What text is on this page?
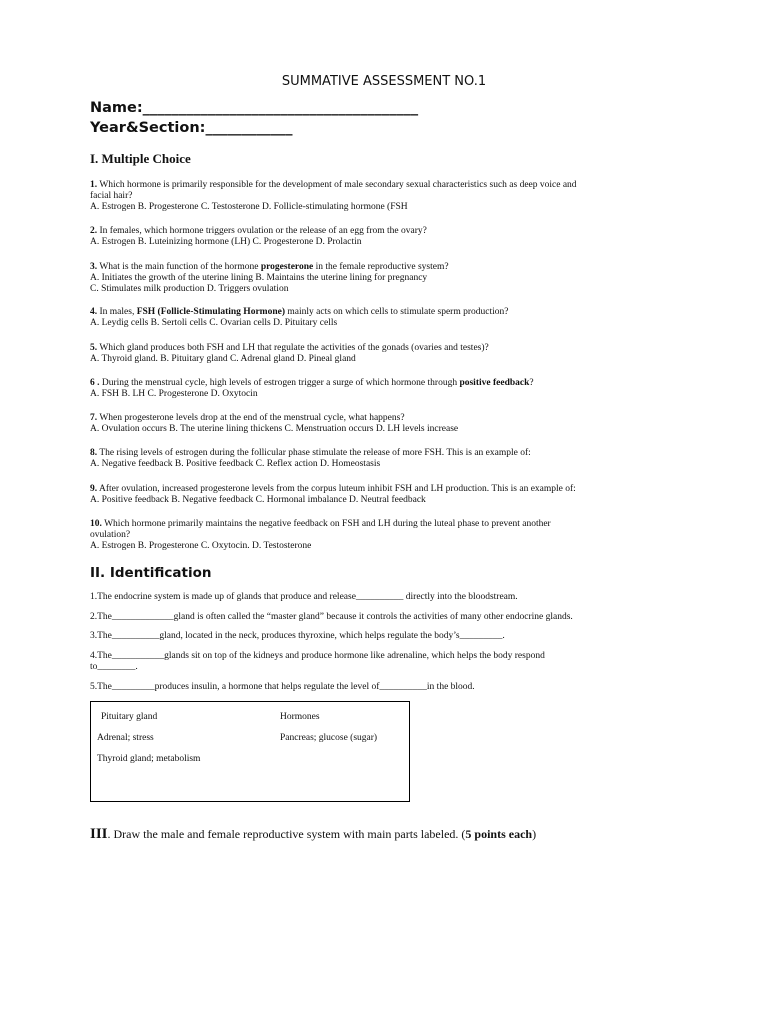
SUMMATIVE ASSESSMENT NO.1
Name:______________________________________
Year&Section:____________
I. Multiple Choice
1. Which hormone is primarily responsible for the development of male secondary sexual characteristics such as deep voice and
facial hair?
A. Estrogen B. Progesterone C. Testosterone D. Follicle-stimulating hormone (FSH
2. In females, which hormone triggers ovulation or the release of an egg from the ovary?
A. Estrogen B. Luteinizing hormone (LH) C. Progesterone D. Prolactin
3. What is the main function of the hormone progesterone in the female reproductive system?
A. Initiates the growth of the uterine lining B. Maintains the uterine lining for pregnancy
C. Stimulates milk production D. Triggers ovulation
4. In males, FSH (Follicle-Stimulating Hormone) mainly acts on which cells to stimulate sperm production?
A. Leydig cells B. Sertoli cells C. Ovarian cells D. Pituitary cells
5. Which gland produces both FSH and LH that regulate the activities of the gonads (ovaries and testes)?
A. Thyroid gland. B. Pituitary gland C. Adrenal gland D. Pineal gland
6 . During the menstrual cycle, high levels of estrogen trigger a surge of which hormone through positive feedback?
A. FSH B. LH C. Progesterone D. Oxytocin
7. When progesterone levels drop at the end of the menstrual cycle, what happens?
A. Ovulation occurs B. The uterine lining thickens C. Menstruation occurs D. LH levels increase
8. The rising levels of estrogen during the follicular phase stimulate the release of more FSH. This is an example of:
A. Negative feedback B. Positive feedback C. Reflex action D. Homeostasis
9. After ovulation, increased progesterone levels from the corpus luteum inhibit FSH and LH production. This is an example of:
A. Positive feedback B. Negative feedback C. Hormonal imbalance D. Neutral feedback
10. Which hormone primarily maintains the negative feedback on FSH and LH during the luteal phase to prevent another
ovulation?
A. Estrogen B. Progesterone C. Oxytocin. D. Testosterone
II. Identification
1.The endocrine system is made up of glands that produce and release__________ directly into the bloodstream.
2.The_____________gland is often called the “master gland” because it controls the activities of many other endocrine glands.
3.The__________gland, located in the neck, produces thyroxine, which helps regulate the body’s_________.
4.The___________glands sit on top of the kidneys and produce hormone like adrenaline, which helps the body respond
to________.
5.The_________produces insulin, a hormone that helps regulate the level of__________in the blood.
Pituitary gland	Hormones
Adrenal; stress	Pancreas; glucose (sugar)
Thyroid gland; metabolism
III. Draw the male and female reproductive system with main parts labeled. (5 points each)
